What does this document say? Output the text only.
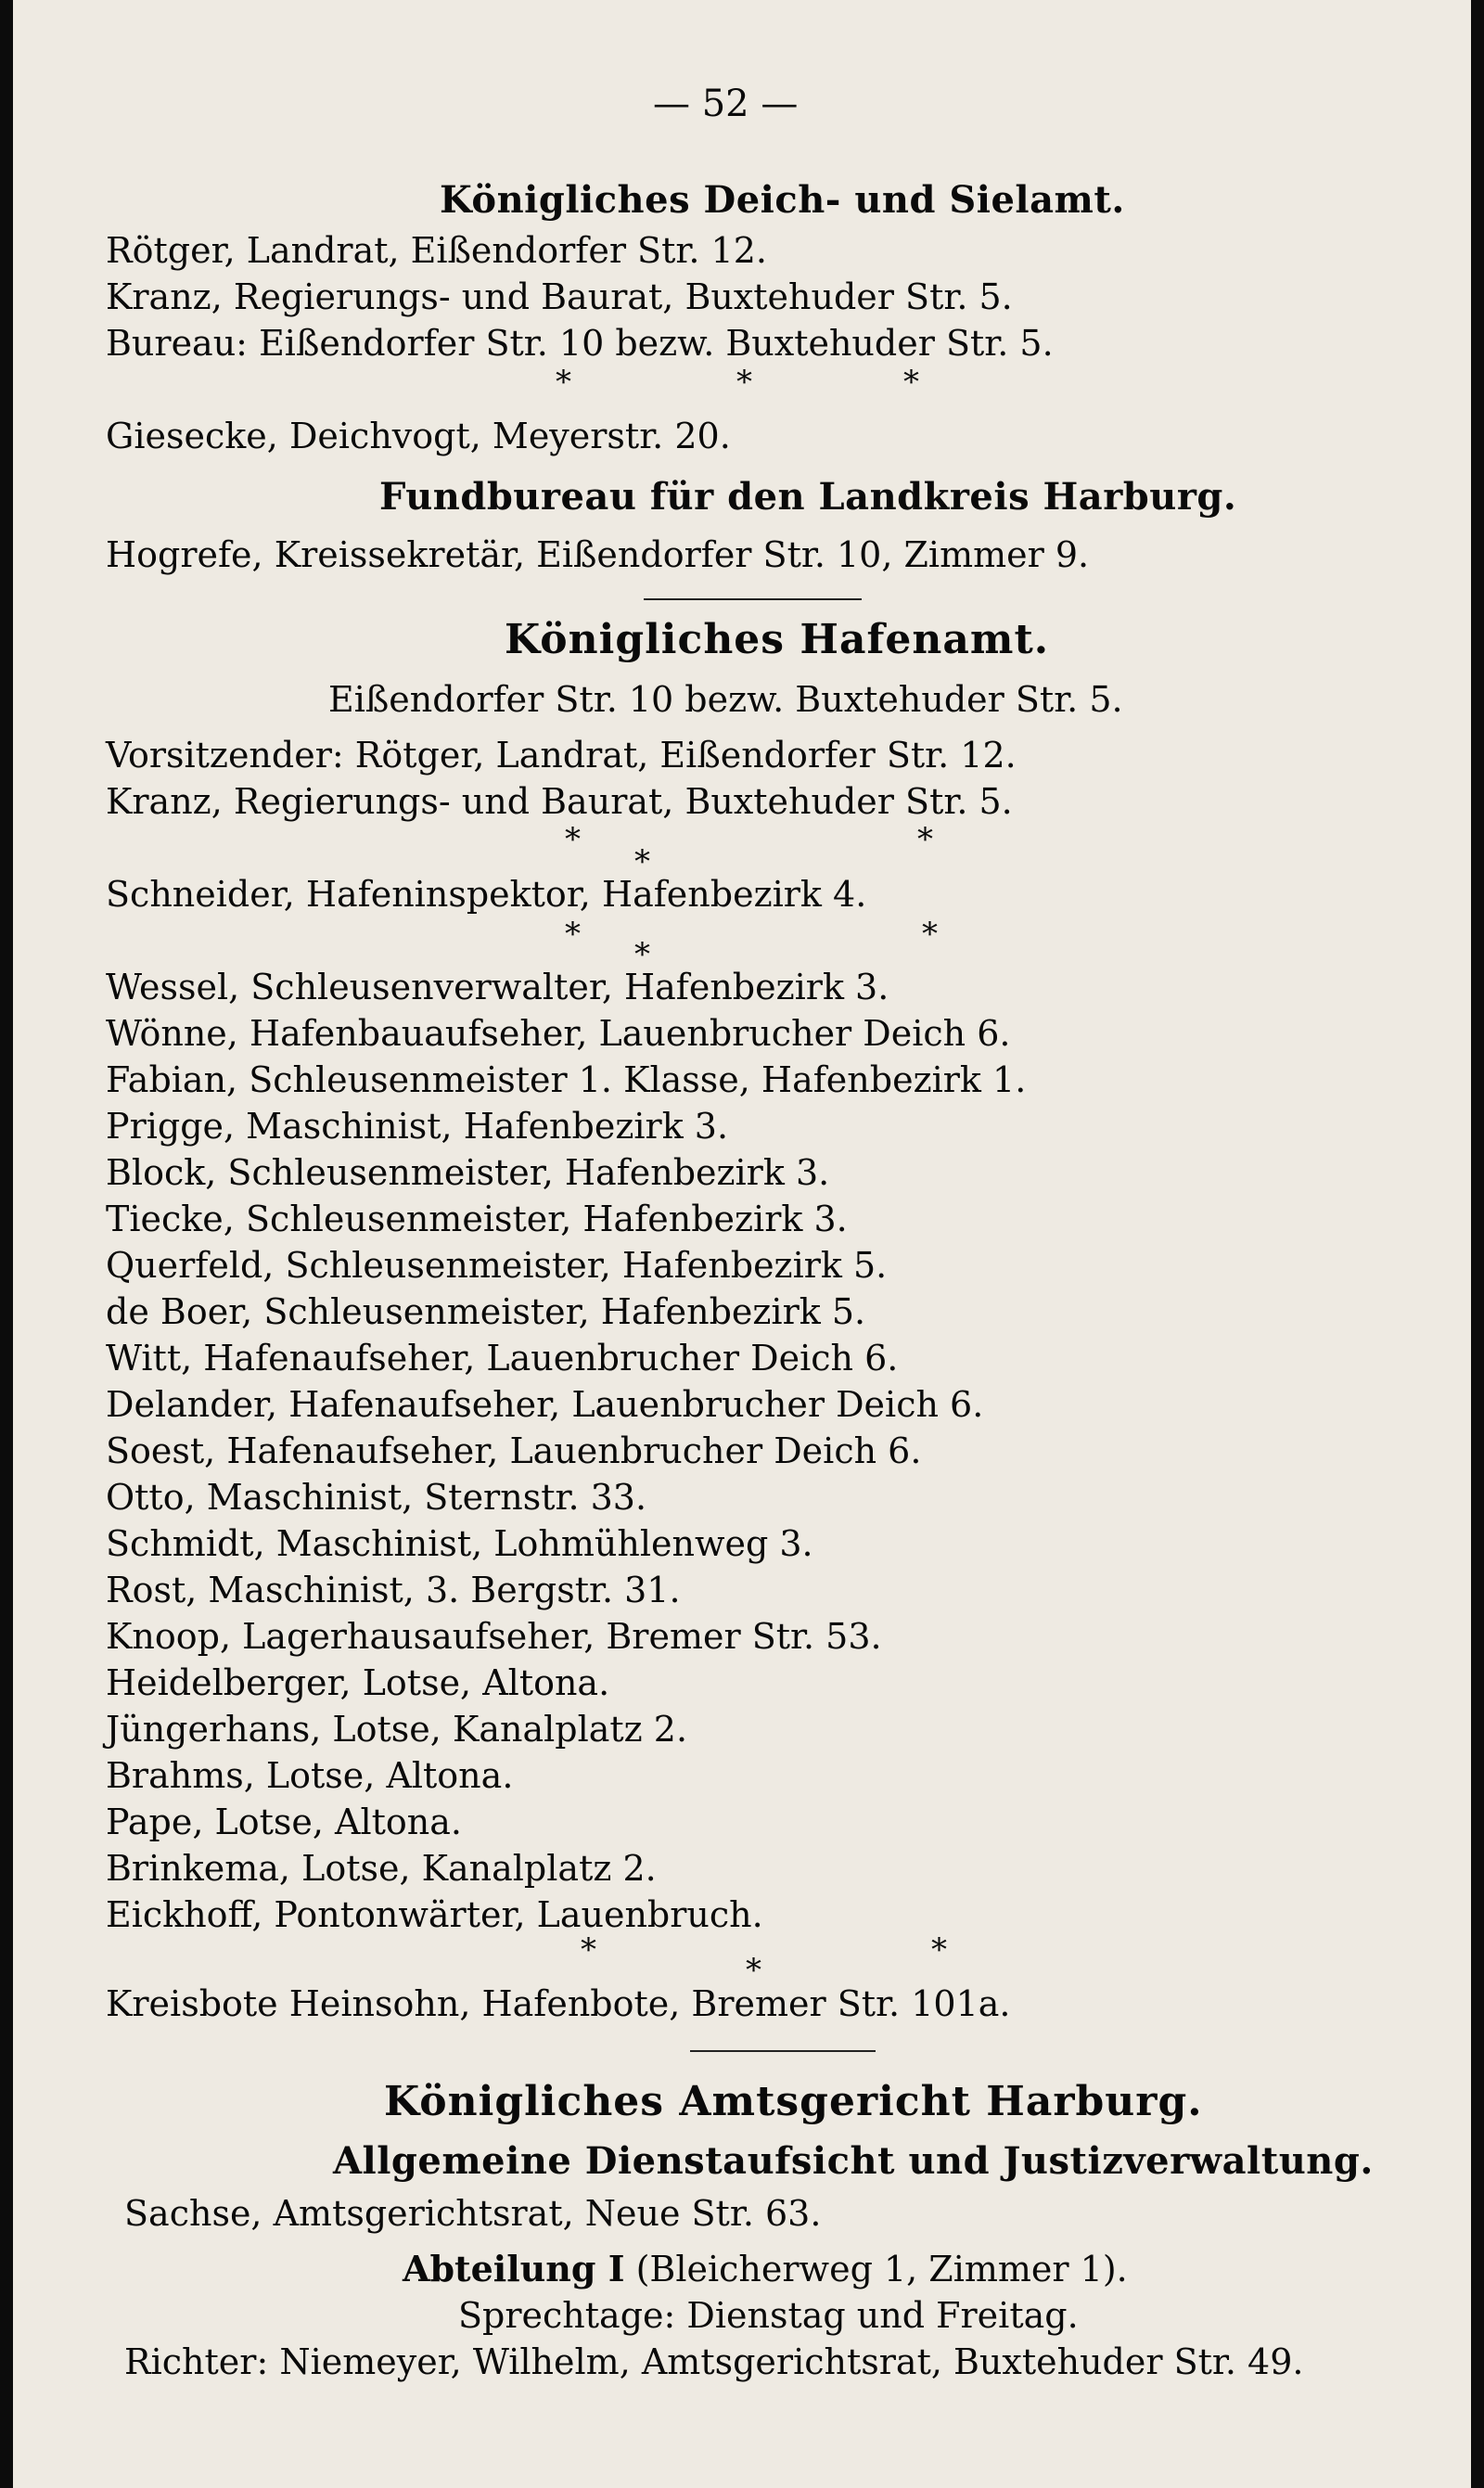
— 52 —
Königliches Deich- und Sielamt.
Rötger, Landrat, Eißendorfer Str. 12.
Kranz, Regierungs- und Baurat, Buxtehuder Str. 5.
Bureau: Eißendorfer Str. 10 bezw. Buxtehuder Str. 5.
*	*	*
Giesecke, Deichvogt, Meyerstr. 20.
Fundbureau für den Landkreis Harburg.
Hogrefe, Kreissekretär, Eißendorfer Str. 10, Zimmer 9.
Königliches Hafenamt.
Eißendorfer Str. 10 bezw. Buxtehuder Str. 5.
Vorsitzender: Rötger, Landrat, Eißendorfer Str. 12.
Kranz, Regierungs- und Baurat, Buxtehuder Str. 5.
*
*
*
Schneider, Hafeninspektor, Hafenbezirk 4.
*
*
*
Wessel, Schleusenverwalter, Hafenbezirk 3.
Wönne, Hafenbauaufseher, Lauenbrucher Deich 6.
Fabian, Schleusenmeister 1. Klasse, Hafenbezirk 1.
Prigge, Maschinist, Hafenbezirk 3.
Block, Schleusenmeister, Hafenbezirk 3.
Tiecke, Schleusenmeister, Hafenbezirk 3.
Querfeld, Schleusenmeister, Hafenbezirk 5.
de Boer, Schleusenmeister, Hafenbezirk 5.
Witt, Hafenaufseher, Lauenbrucher Deich 6.
Delander, Hafenaufseher, Lauenbrucher Deich 6.
Soest, Hafenaufseher, Lauenbrucher Deich 6.
Otto, Maschinist, Sternstr. 33.
Schmidt, Maschinist, Lohmühlenweg 3.
Rost, Maschinist, 3. Bergstr. 31.
Knoop, Lagerhausaufseher, Bremer Str. 53.
Heidelberger, Lotse, Altona.
Jüngerhans, Lotse, Kanalplatz 2.
Brahms, Lotse, Altona.
Pape, Lotse, Altona.
Brinkema, Lotse, Kanalplatz 2.
Eickhoff, Pontonwärter, Lauenbruch.
*
*
*
Kreisbote Heinsohn, Hafenbote, Bremer Str. 101a.
Königliches Amtsgericht Harburg.
Allgemeine Dienstaufsicht und Justizverwaltung.
Sachse, Amtsgerichtsrat, Neue Str. 63.
Abteilung I (Bleicherweg 1, Zimmer 1).
Sprechtage: Dienstag und Freitag.
Richter: Niemeyer, Wilhelm, Amtsgerichtsrat, Buxtehuder Str. 49.
